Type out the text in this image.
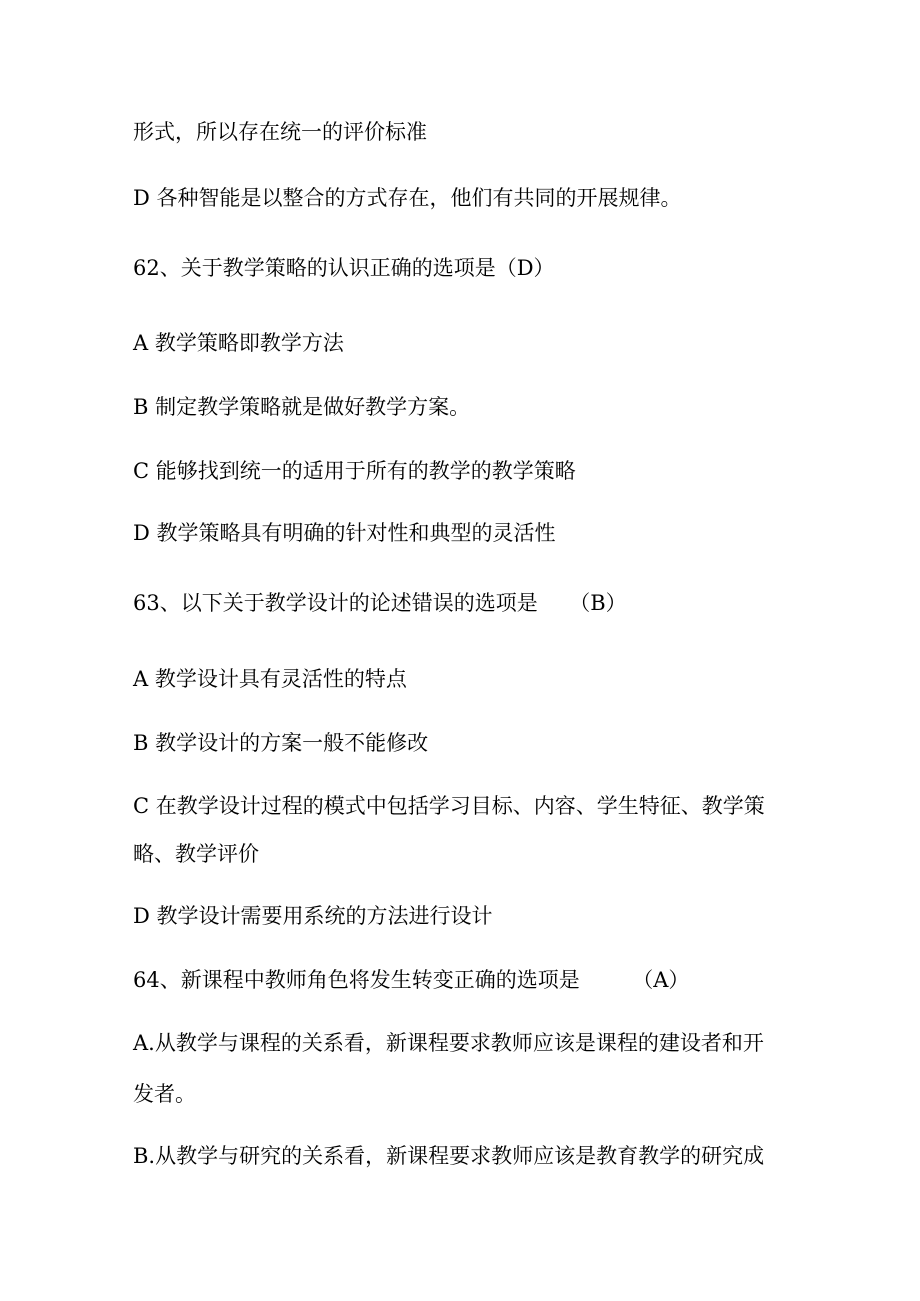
形式，所以存在统一的评价标准
D 各种智能是以整合的方式存在，他们有共同的开展规律。
62、关于教学策略的认识正确的选项是（D）
A 教学策略即教学方法
B 制定教学策略就是做好教学方案。
C 能够找到统一的适用于所有的教学的教学策略
D 教学策略具有明确的针对性和典型的灵活性
63、以下关于教学设计的论述错误的选项是　　（B）
A 教学设计具有灵活性的特点
B 教学设计的方案一般不能修改
C 在教学设计过程的模式中包括学习目标、内容、学生特征、教学策
略、教学评价
D 教学设计需要用系统的方法进行设计
64、新课程中教师角色将发生转变正确的选项是　　　（A）
A.从教学与课程的关系看，新课程要求教师应该是课程的建设者和开
发者。
B.从教学与研究的关系看，新课程要求教师应该是教育教学的研究成
